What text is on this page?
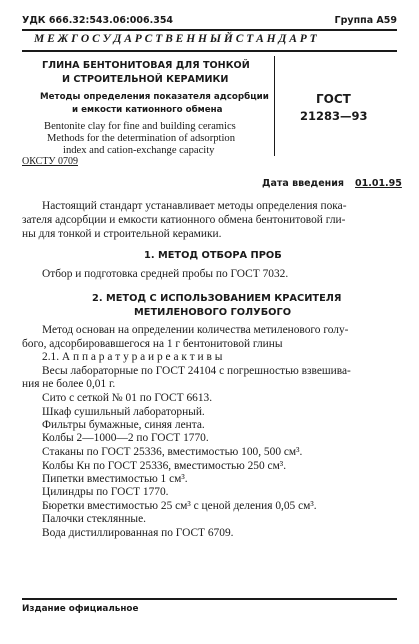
УДК 666.32:543.06:006.354	Группа А59
М Е Ж Г О С У Д А Р С Т В Е Н Н Ы Й С Т А Н Д А Р Т
ГЛИНА БЕНТОНИТОВАЯ ДЛЯ ТОНКОЙ
И СТРОИТЕЛЬНОЙ КЕРАМИКИ
Методы определения показателя адсорбции
и емкости катионного обмена
Bentonite clay for fine and building ceramics
Methods for the determination of adsorption
index and cation-exchange capacity
ОКСТУ 0709
ГОСТ
21283—93
Дата введения 01.01.95
Настоящий стандарт устанавливает методы определения пока-
зателя адсорбции и емкости катионного обмена бентонитовой гли-
ны для тонкой и строительной керамики.
1. МЕТОД ОТБОРА ПРОБ
Отбор и подготовка средней пробы по ГОСТ 7032.
2. МЕТОД С ИСПОЛЬЗОВАНИЕМ КРАСИТЕЛЯ
МЕТИЛЕНОВОГО ГОЛУБОГО
Метод основан на определении количества метиленового голу-
бого, адсорбировавшегося на 1 г бентонитовой глины
2.1. А п п а р а т у р а и р е а к т и в ы
Весы лабораторные по ГОСТ 24104 с погрешностью взвешива-
ния не более 0,01 г.
Сито с сеткой № 01 по ГОСТ 6613.
Шкаф сушильный лабораторный.
Фильтры бумажные, синяя лента.
Колбы 2—1000—2 по ГОСТ 1770.
Стаканы по ГОСТ 25336, вместимостью 100, 500 см³.
Колбы Кн по ГОСТ 25336, вместимостью 250 см³.
Пипетки вместимостью 1 см³.
Цилиндры по ГОСТ 1770.
Бюретки вместимостью 25 см³ с ценой деления 0,05 см³.
Палочки стеклянные.
Вода дистиллированная по ГОСТ 6709.
Издание официальное
